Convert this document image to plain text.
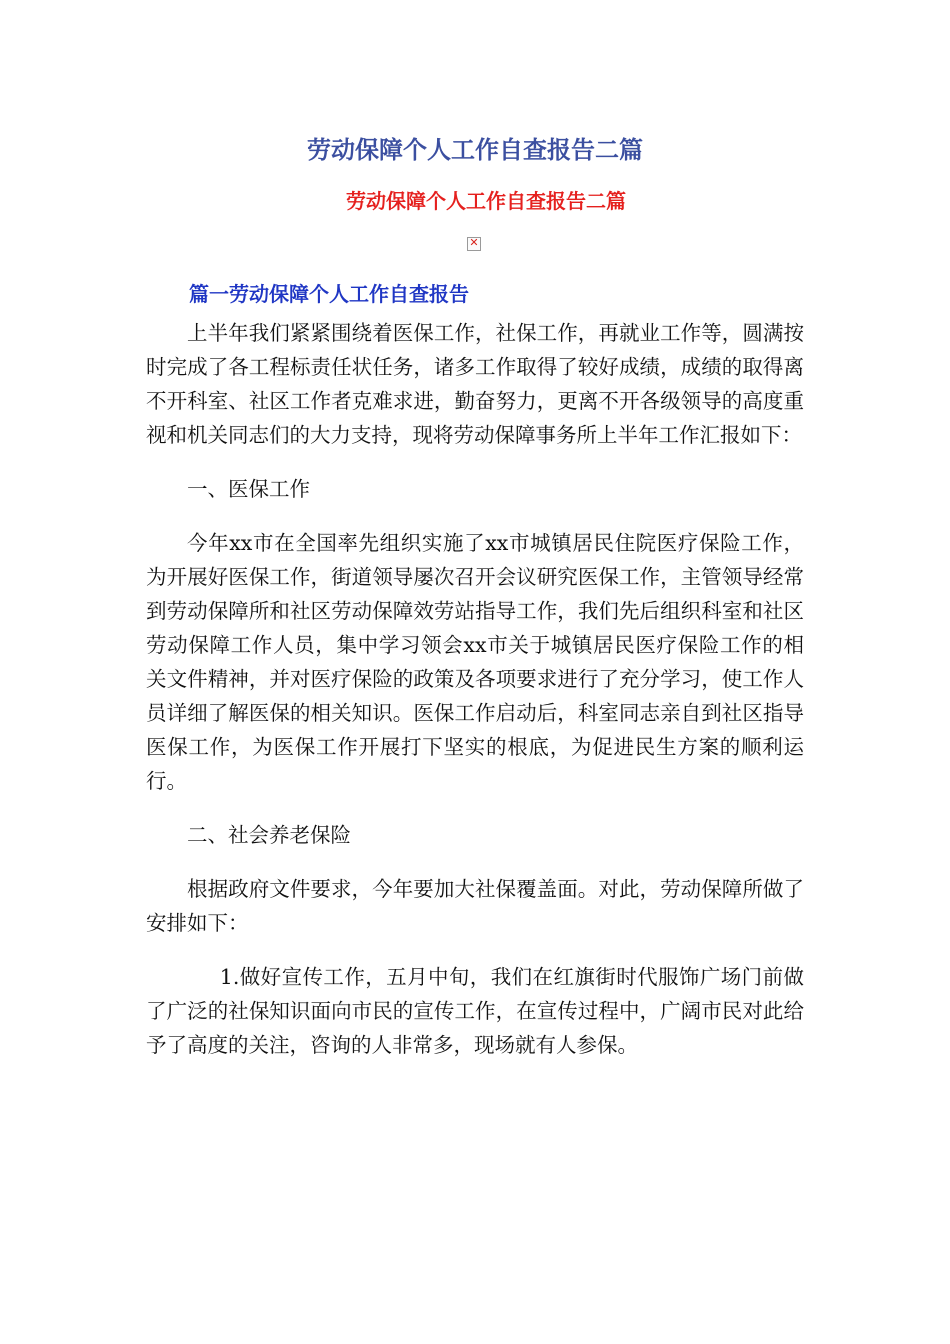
劳动保障个人工作自查报告二篇
劳动保障个人工作自查报告二篇
✕
篇一劳动保障个人工作自查报告

上半年我们紧紧围绕着医保工作，社保工作，再就业工作等，圆满按时完成了各工程标责任状任务，诸多工作取得了较好成绩，成绩的取得离不开科室、社区工作者克难求进，勤奋努力，更离不开各级领导的高度重视和机关同志们的大力支持，现将劳动保障事务所上半年工作汇报如下：

一、医保工作

今年xx市在全国率先组织实施了xx市城镇居民住院医疗保险工作，为开展好医保工作，街道领导屡次召开会议研究医保工作，主管领导经常到劳动保障所和社区劳动保障效劳站指导工作，我们先后组织科室和社区劳动保障工作人员，集中学习领会xx市关于城镇居民医疗保险工作的相关文件精神，并对医疗保险的政策及各项要求进行了充分学习，使工作人员详细了解医保的相关知识。医保工作启动后，科室同志亲自到社区指导医保工作，为医保工作开展打下坚实的根底，为促进民生方案的顺利运行。

二、社会养老保险

根据政府文件要求，今年要加大社保覆盖面。对此，劳动保障所做了安排如下：

1.做好宣传工作，五月中旬，我们在红旗街时代服饰广场门前做了广泛的社保知识面向市民的宣传工作，在宣传过程中，广阔市民对此给予了高度的关注，咨询的人非常多，现场就有人参保。
